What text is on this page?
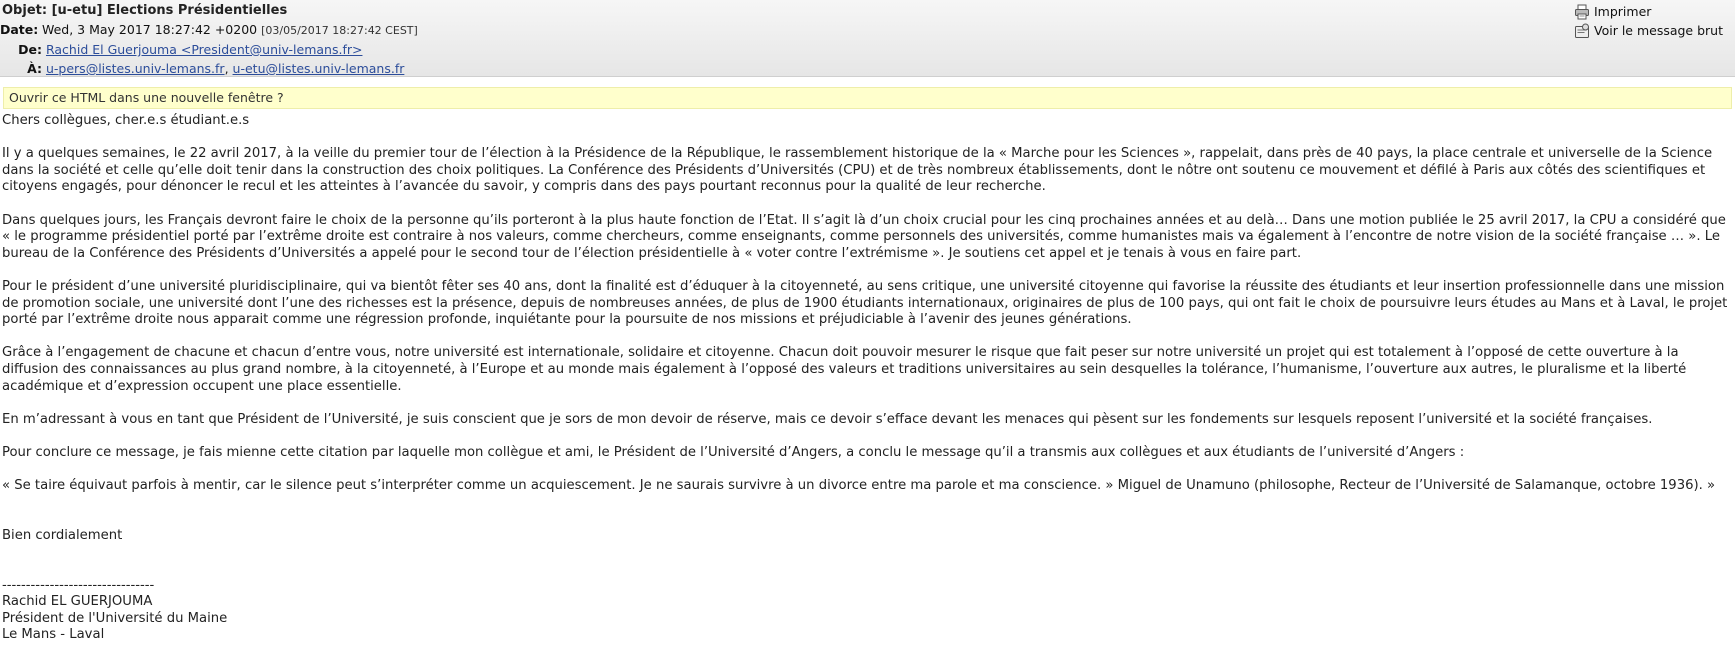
Objet: [u-etu] Elections Présidentielles
Date: Wed, 3 May 2017 18:27:42 +0200 [03/05/2017 18:27:42 CEST]
De: Rachid El Guerjouma <President@univ-lemans.fr>
À: u-pers@listes.univ-lemans.fr, u-etu@listes.univ-lemans.fr
Imprimer
Voir le message brut
Ouvrir ce HTML dans une nouvelle fenêtre ?

Chers collègues, cher.e.s étudiant.e.s

Il y a quelques semaines, le 22 avril 2017, à la veille du premier tour de l’élection à la Présidence de la République, le rassemblement historique de la « Marche pour les Sciences », rappelait, dans près de 40 pays, la place centrale et universelle de la Science dans la société et celle qu’elle doit tenir dans la construction des choix politiques. La Conférence des Présidents d’Universités (CPU) et de très nombreux établissements, dont le nôtre ont soutenu ce mouvement et défilé à Paris aux côtés des scientifiques et citoyens engagés, pour dénoncer le recul et les atteintes à l’avancée du savoir, y compris dans des pays pourtant reconnus pour la qualité de leur recherche.

Dans quelques jours, les Français devront faire le choix de la personne qu’ils porteront à la plus haute fonction de l’Etat. Il s’agit là d’un choix crucial pour les cinq prochaines années et au delà… Dans une motion publiée le 25 avril 2017, la CPU a considéré que « le programme présidentiel porté par l’extrême droite est contraire à nos valeurs, comme chercheurs, comme enseignants, comme personnels des universités, comme humanistes mais va également à l’encontre de notre vision de la société française … ». Le bureau de la Conférence des Présidents d’Universités a appelé pour le second tour de l’élection présidentielle à « voter contre l’extrémisme ». Je soutiens cet appel et je tenais à vous en faire part.

Pour le président d’une université pluridisciplinaire, qui va bientôt fêter ses 40 ans, dont la finalité est d’éduquer à la citoyenneté, au sens critique, une université citoyenne qui favorise la réussite des étudiants et leur insertion professionnelle dans une mission de promotion sociale, une université dont l’une des richesses est la présence, depuis de nombreuses années, de plus de 1900 étudiants internationaux, originaires de plus de 100 pays, qui ont fait le choix de poursuivre leurs études au Mans et à Laval, le projet porté par l’extrême droite nous apparait comme une régression profonde, inquiétante pour la poursuite de nos missions et préjudiciable à l’avenir des jeunes générations.

Grâce à l’engagement de chacune et chacun d’entre vous, notre université est internationale, solidaire et citoyenne. Chacun doit pouvoir mesurer le risque que fait peser sur notre université un projet qui est totalement à l’opposé de cette ouverture à la diffusion des connaissances au plus grand nombre, à la citoyenneté, à l’Europe et au monde mais également à l’opposé des valeurs et traditions universitaires au sein desquelles la tolérance, l’humanisme, l’ouverture aux autres, le pluralisme et la liberté académique et d’expression occupent une place essentielle.

En m’adressant à vous en tant que Président de l’Université, je suis conscient que je sors de mon devoir de réserve, mais ce devoir s’efface devant les menaces qui pèsent sur les fondements sur lesquels reposent l’université et la société françaises.

Pour conclure ce message, je fais mienne cette citation par laquelle mon collègue et ami, le Président de l’Université d’Angers, a conclu le message qu’il a transmis aux collègues et aux étudiants de l’université d’Angers :

« Se taire équivaut parfois à mentir, car le silence peut s’interpréter comme un acquiescement. Je ne saurais survivre à un divorce entre ma parole et ma conscience. » Miguel de Unamuno (philosophe, Recteur de l’Université de Salamanque, octobre 1936). »

Bien cordialement

--------------------------------
Rachid EL GUERJOUMA
Président de l'Université du Maine
Le Mans - Laval
